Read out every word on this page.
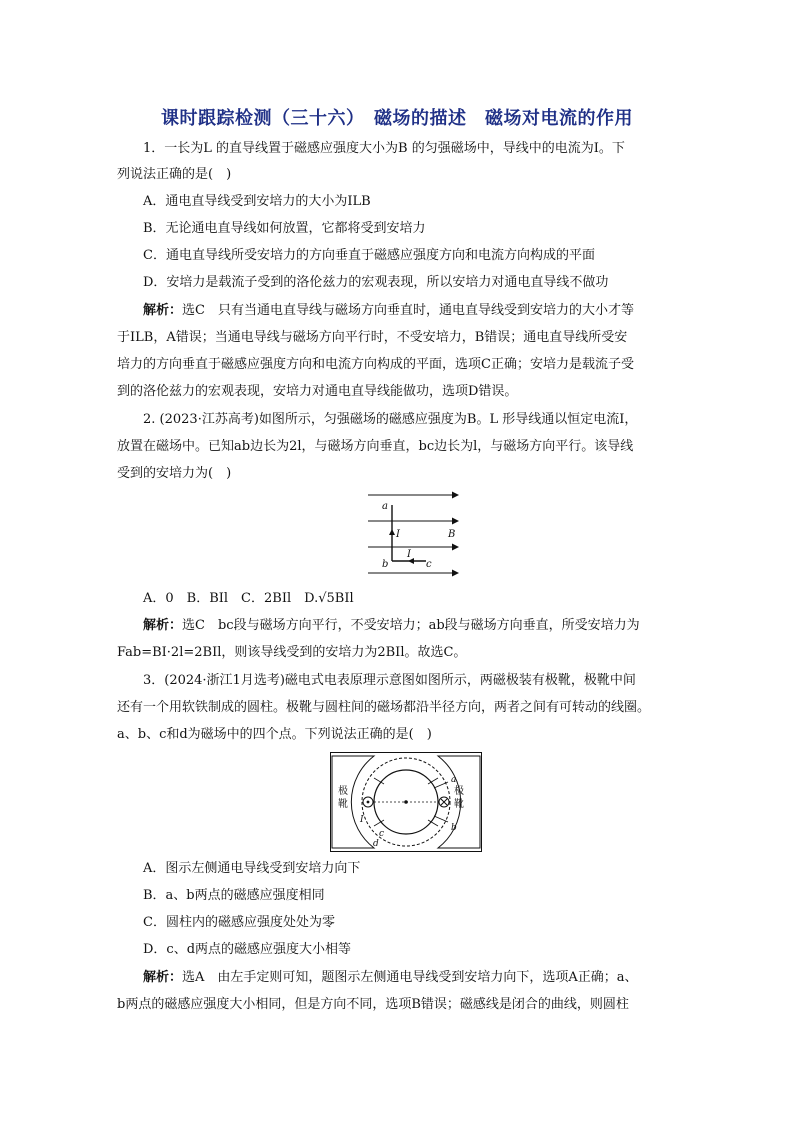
课时跟踪检测（三十六）　磁场的描述　磁场对电流的作用
1．一长为L 的直导线置于磁感应强度大小为B 的匀强磁场中，导线中的电流为I。下
列说法正确的是(　)
A．通电直导线受到安培力的大小为ILB
B．无论通电直导线如何放置，它都将受到安培力
C．通电直导线所受安培力的方向垂直于磁感应强度方向和电流方向构成的平面
D．安培力是载流子受到的洛伦兹力的宏观表现，所以安培力对通电直导线不做功
解析：选C　只有当通电直导线与磁场方向垂直时，通电直导线受到安培力的大小才等
于ILB，A错误；当通电导线与磁场方向平行时，不受安培力，B错误；通电直导线所受安
培力的方向垂直于磁感应强度方向和电流方向构成的平面，选项C正确；安培力是载流子受
到的洛伦兹力的宏观表现，安培力对通电直导线能做功，选项D错误。
2. (2023·江苏高考)如图所示，匀强磁场的磁感应强度为B。L 形导线通以恒定电流I，
放置在磁场中。已知ab边长为2l，与磁场方向垂直，bc边长为l，与磁场方向平行。该导线
受到的安培力为(　)
a
I	B
I
b	c
A．0　B．BIl　C．2BIl　D.√5BIl
解析：选C　bc段与磁场方向平行，不受安培力；ab段与磁场方向垂直，所受安培力为
Fab=BI·2l=2BIl，则该导线受到的安培力为2BIl。故选C。
3．(2024·浙江1月选考)磁电式电表原理示意图如图所示，两磁极装有极靴，极靴中间
还有一个用软铁制成的圆柱。极靴与圆柱间的磁场都沿半径方向，两者之间有可转动的线圈。
a、b、c和d为磁场中的四个点。下列说法正确的是(　)
极靴
极靴
a
b
c
d
I
A．图示左侧通电导线受到安培力向下
B．a、b两点的磁感应强度相同
C．圆柱内的磁感应强度处处为零
D．c、d两点的磁感应强度大小相等
解析：选A　由左手定则可知，题图示左侧通电导线受到安培力向下，选项A正确；a、
b两点的磁感应强度大小相同，但是方向不同，选项B错误；磁感线是闭合的曲线，则圆柱
